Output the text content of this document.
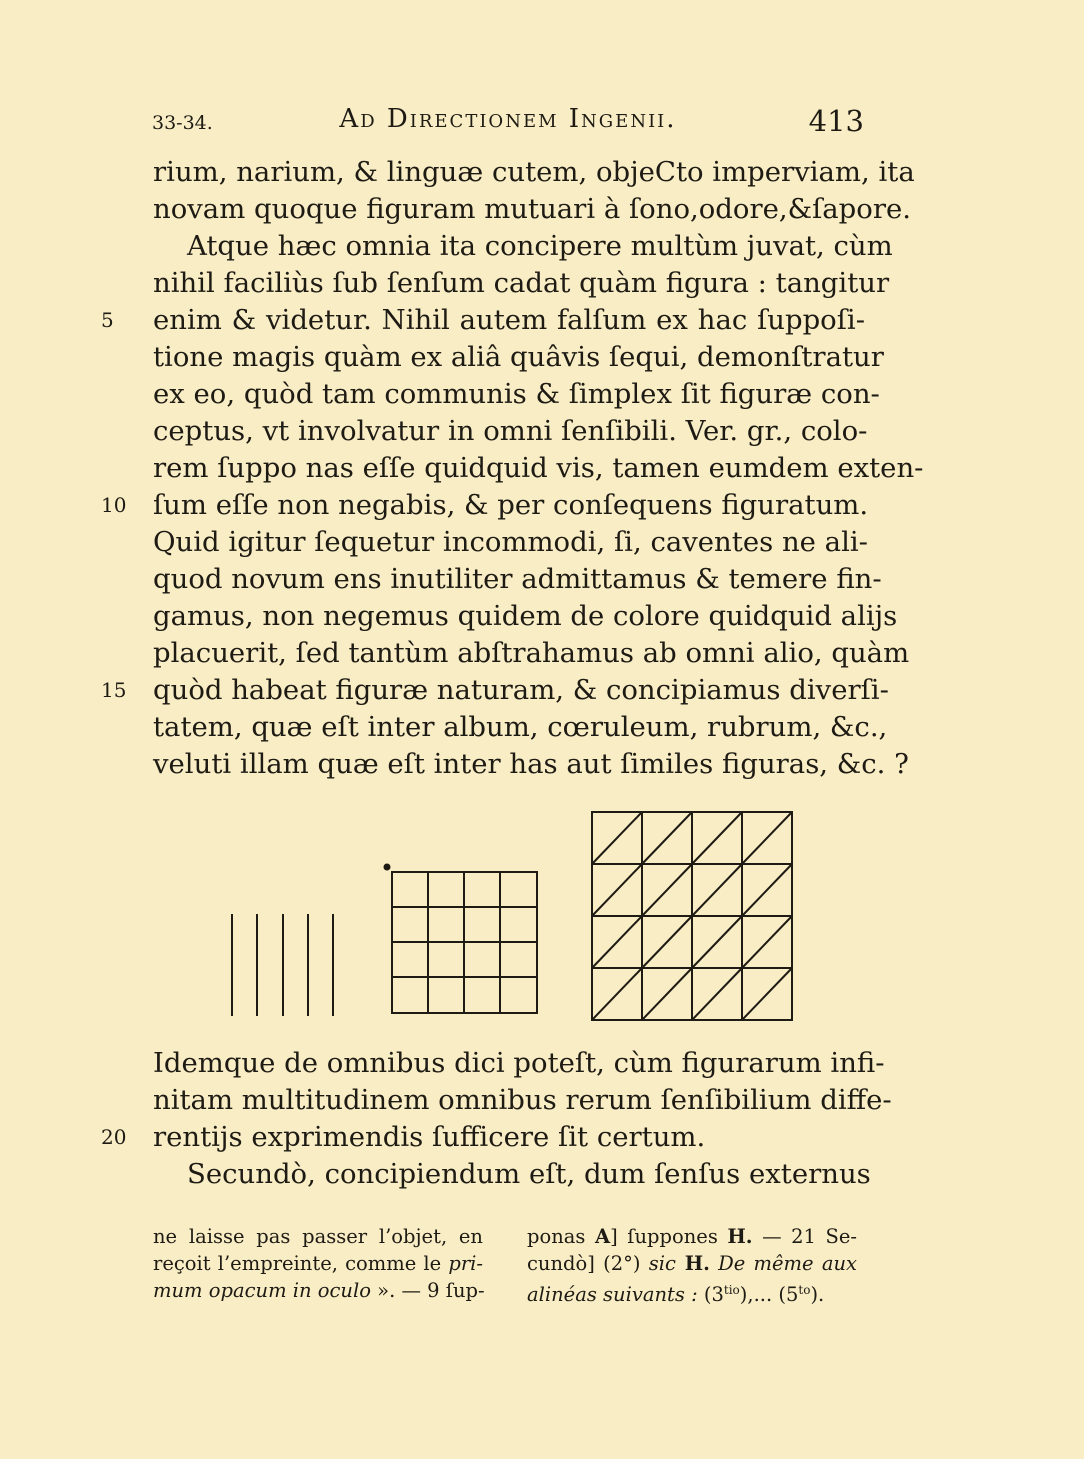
33-34.	Ad Directionem Ingenii.	413
rium, narium, & linguæ cutem, objeCto imperviam, ita
novam quoque figuram mutuari à ſono,odore,&ſapore.
Atque hæc omnia ita concipere multùm juvat, cùm
nihil faciliùs ſub ſenſum cadat quàm figura : tangitur
5	enim & videtur. Nihil autem falſum ex hac ſuppoſi-
tione magis quàm ex aliâ quâvis ſequi, demonſtratur
ex eo, quòd tam communis & ſimplex ſit figuræ con-
ceptus, vt involvatur in omni ſenſibili. Ver. gr., colo-
rem ſuppo nas eſſe quidquid vis, tamen eumdem exten-
10 ſum eſſe non negabis, & per conſequens figuratum.
Quid igitur ſequetur incommodi, ſi, caventes ne ali-
quod novum ens inutiliter admittamus & temere fin-
gamus, non negemus quidem de colore quidquid alijs
placuerit, ſed tantùm abſtrahamus ab omni alio, quàm
15 quòd habeat figuræ naturam, & concipiamus diverſi-
tatem, quæ eſt inter album, cœruleum, rubrum, &c.,
veluti illam quæ eſt inter has aut ſimiles figuras, &c. ?
Idemque de omnibus dici poteſt, cùm figurarum infi-
nitam multitudinem omnibus rerum ſenſibilium diffe-
20 rentijs exprimendis ſufficere ſit certum.
Secundò, concipiendum eſt, dum ſenſus externus
ne laisse pas passer l’objet, en
reçoit l’empreinte, comme le pri-
mum opacum in oculo ». — 9 ſup-
ponas A] ſuppones H. — 21 Se-
cundò] (2°) sic H. De même aux
alinéas suivants : $(3^{tio})$,... $(5^{to})$.
